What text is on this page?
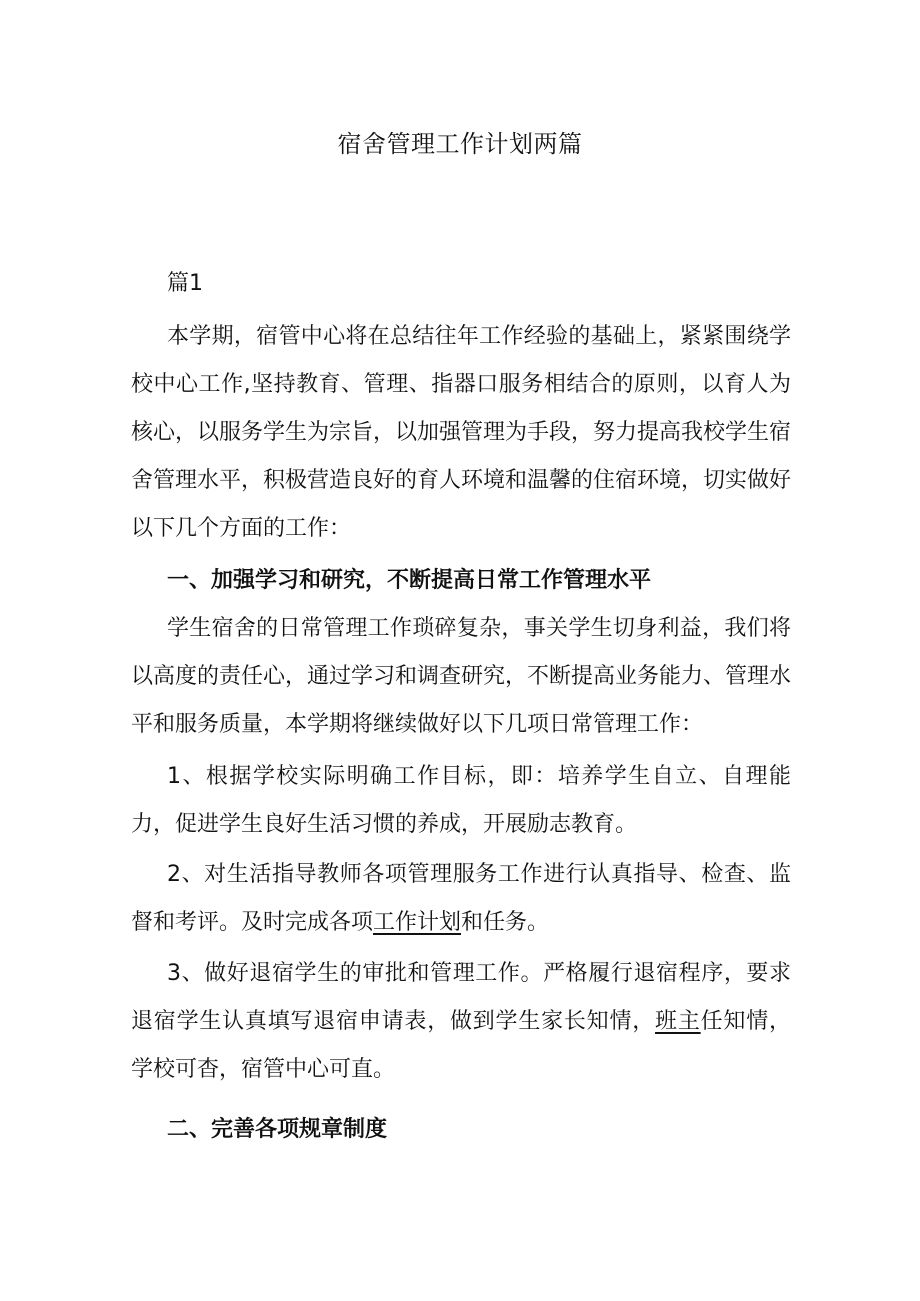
宿舍管理工作计划两篇

篇1

本学期，宿管中心将在总结往年工作经验的基础上，紧紧围绕学校中心工作,坚持教育、管理、指器口服务相结合的原则，以育人为核心，以服务学生为宗旨，以加强管理为手段，努力提高我校学生宿舍管理水平，积极营造良好的育人环境和温馨的住宿环境，切实做好以下几个方面的工作：

一、加强学习和研究，不断提高日常工作管理水平

学生宿舍的日常管理工作琐碎复杂，事关学生切身利益，我们将以高度的责任心，通过学习和调查研究，不断提高业务能力、管理水平和服务质量，本学期将继续做好以下几项日常管理工作：

1、根据学校实际明确工作目标，即：培养学生自立、自理能力，促进学生良好生活习惯的养成，开展励志教育。

2、对生活指导教师各项管理服务工作进行认真指导、检查、监督和考评。及时完成各项工作计划和任务。

3、做好退宿学生的审批和管理工作。严格履行退宿程序，要求退宿学生认真填写退宿申请表，做到学生家长知情，班主任知情，学校可杳，宿管中心可直。

二、完善各项规章制度
